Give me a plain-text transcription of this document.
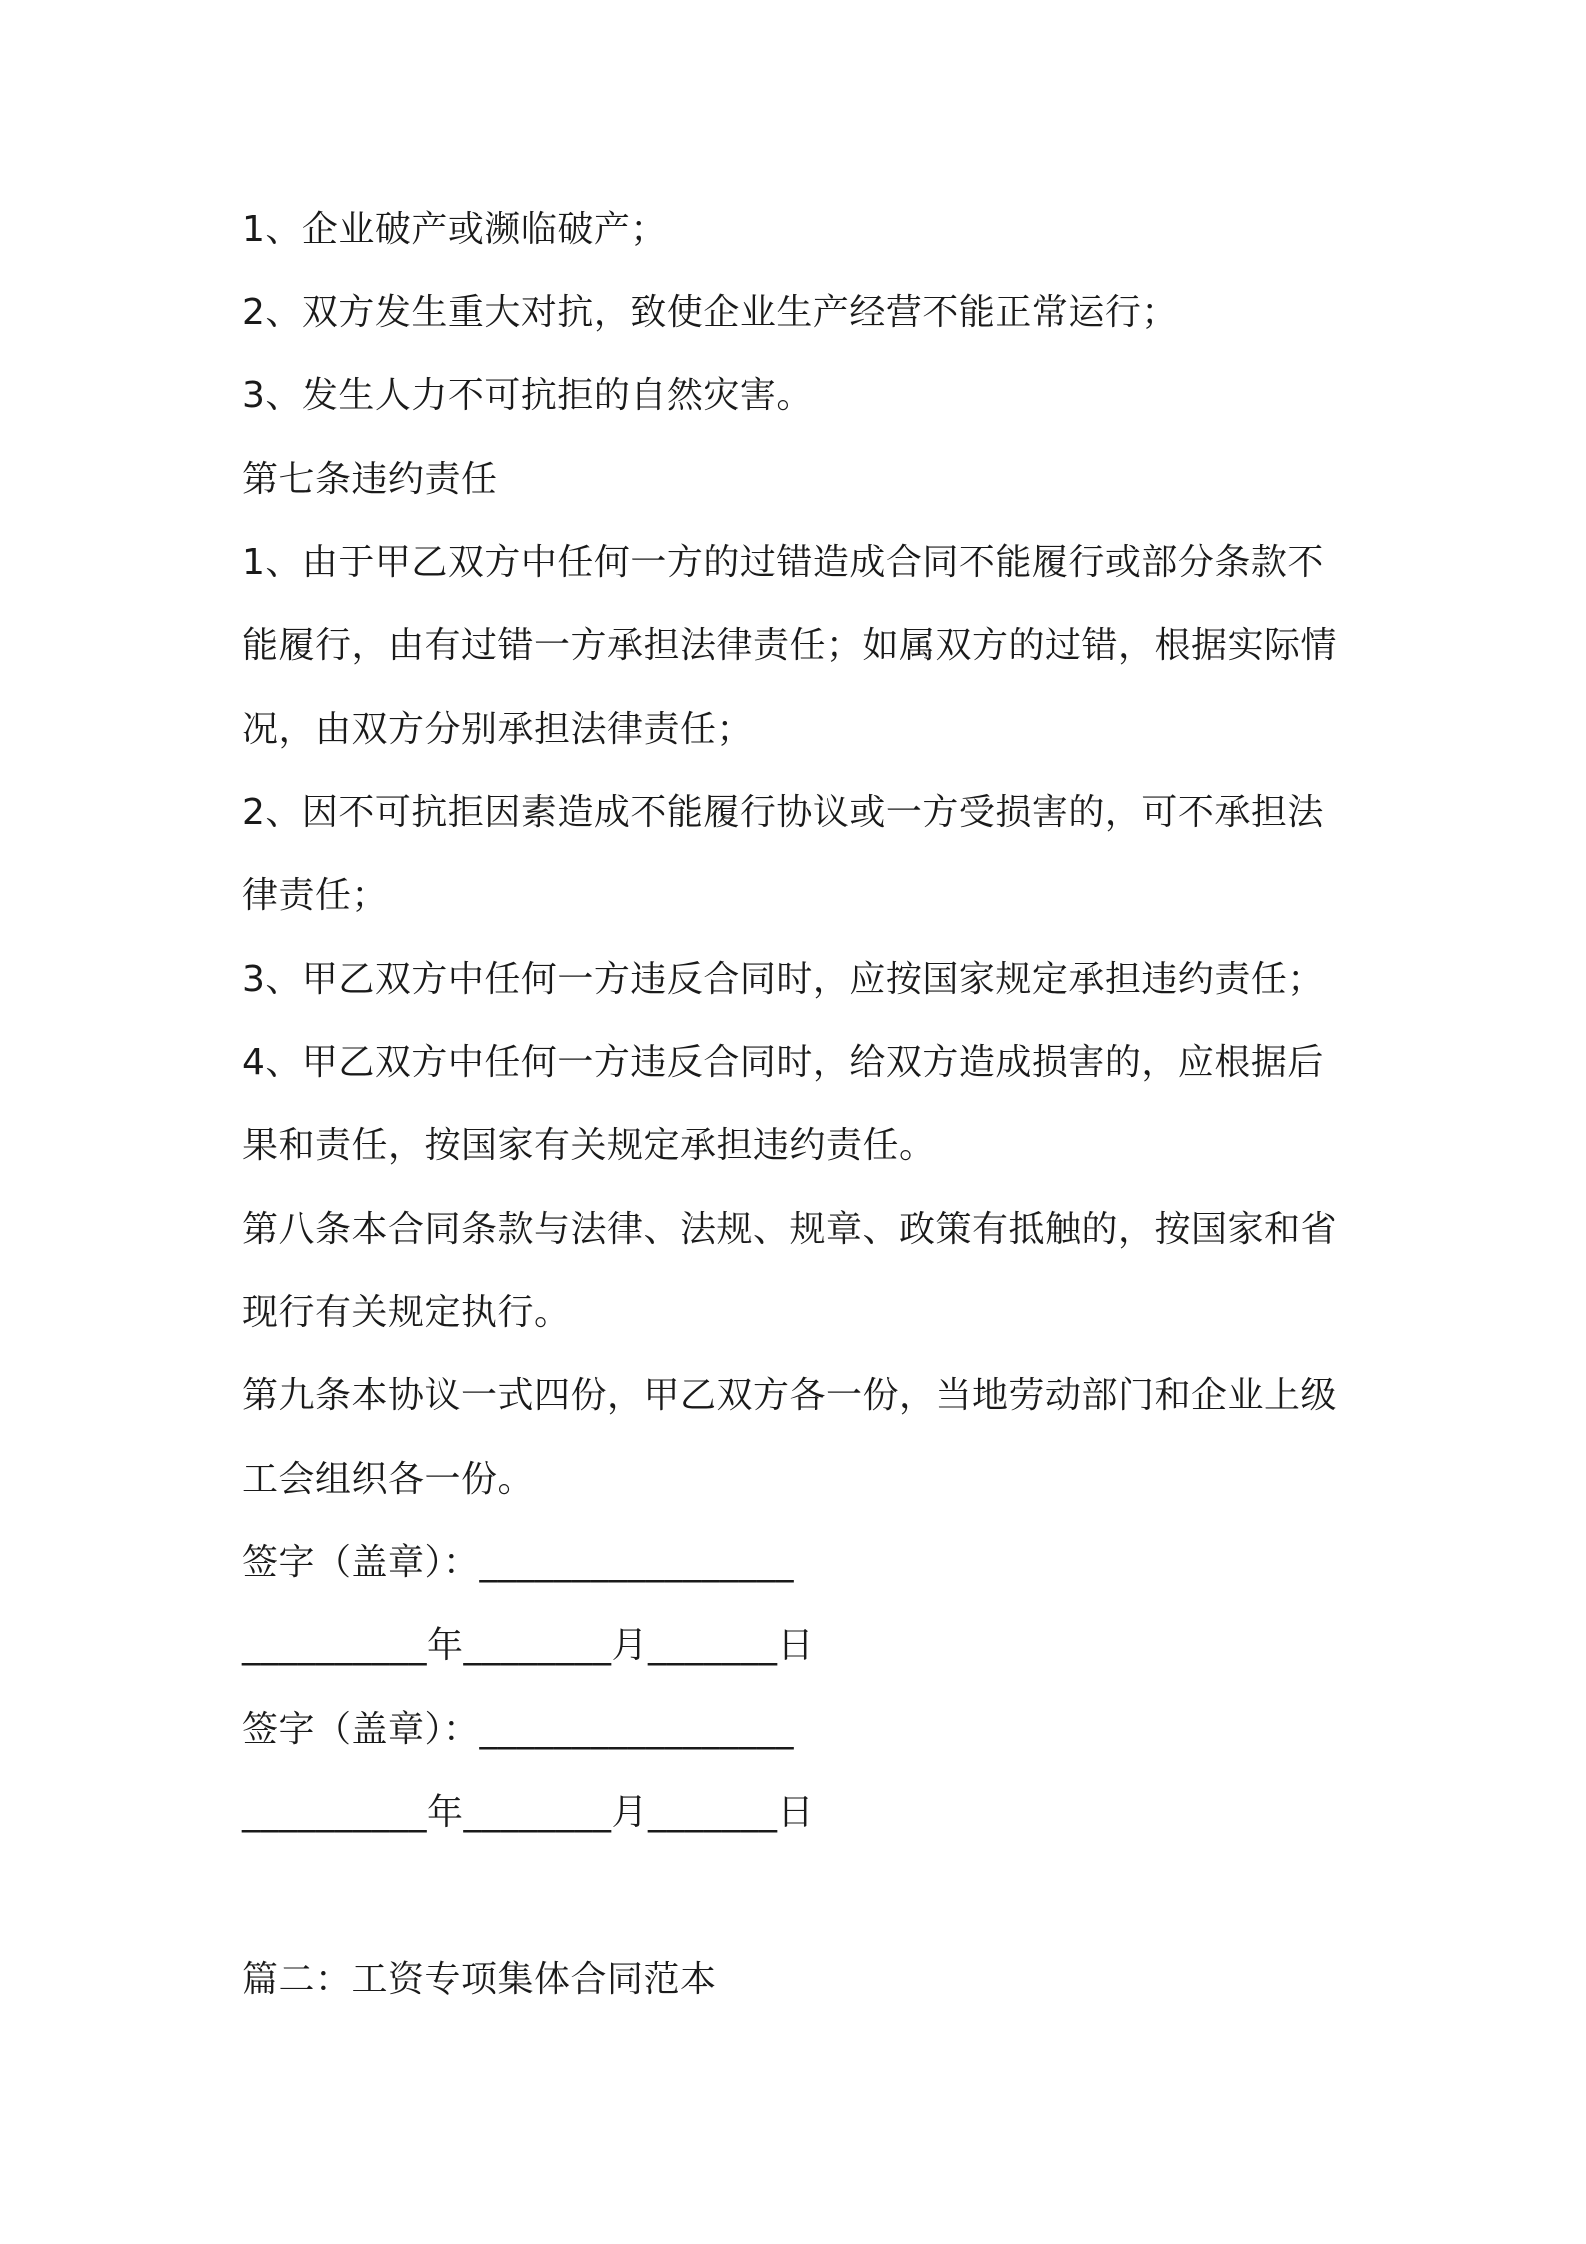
1、企业破产或濒临破产；
2、双方发生重大对抗，致使企业生产经营不能正常运行；
3、发生人力不可抗拒的自然灾害。
第七条违约责任
1、由于甲乙双方中任何一方的过错造成合同不能履行或部分条款不
能履行，由有过错一方承担法律责任；如属双方的过错，根据实际情
况，由双方分别承担法律责任；
2、因不可抗拒因素造成不能履行协议或一方受损害的，可不承担法
律责任；
3、甲乙双方中任何一方违反合同时，应按国家规定承担违约责任；
4、甲乙双方中任何一方违反合同时，给双方造成损害的，应根据后
果和责任，按国家有关规定承担违约责任。
第八条本合同条款与法律、法规、规章、政策有抵触的，按国家和省
现行有关规定执行。
第九条本协议一式四份，甲乙双方各一份，当地劳动部门和企业上级
工会组织各一份。
签字（盖章）：_________________
__________年________月_______日
签字（盖章）：_________________
__________年________月_______日
篇二：工资专项集体合同范本
